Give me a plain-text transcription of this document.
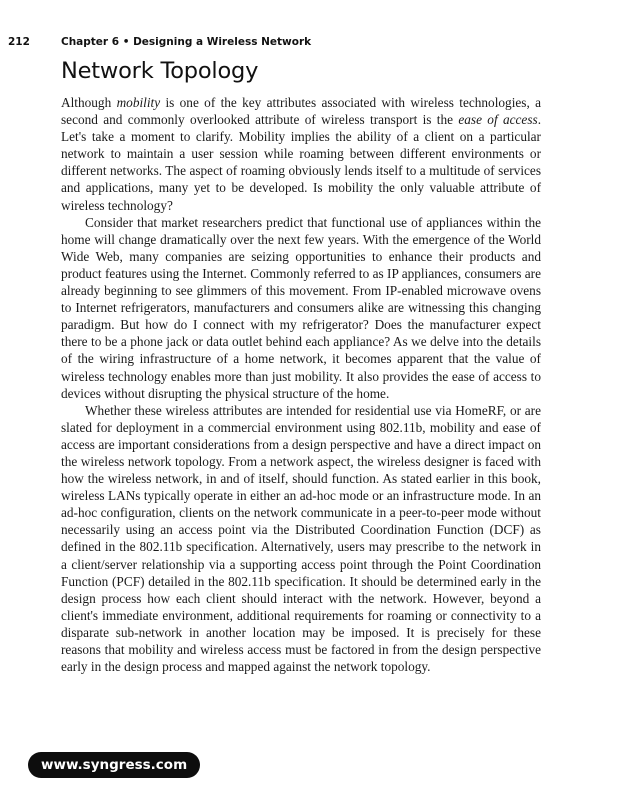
212	Chapter 6 • Designing a Wireless Network
Network Topology

Although mobility is one of the key attributes associated with wireless technologies, a second and commonly overlooked attribute of wireless transport is the ease of access. Let's take a moment to clarify. Mobility implies the ability of a client on a particular network to maintain a user session while roaming between different environments or different networks. The aspect of roaming obviously lends itself to a multitude of services and applications, many yet to be developed. Is mobility the only valuable attribute of wireless technology?

Consider that market researchers predict that functional use of appliances within the home will change dramatically over the next few years. With the emergence of the World Wide Web, many companies are seizing opportunities to enhance their products and product features using the Internet. Commonly referred to as IP appliances, consumers are already beginning to see glimmers of this movement. From IP-enabled microwave ovens to Internet refrigerators, manufacturers and consumers alike are witnessing this changing paradigm. But how do I connect with my refrigerator? Does the manufacturer expect there to be a phone jack or data outlet behind each appliance? As we delve into the details of the wiring infrastructure of a home network, it becomes apparent that the value of wireless technology enables more than just mobility. It also provides the ease of access to devices without disrupting the physical structure of the home.

Whether these wireless attributes are intended for residential use via HomeRF, or are slated for deployment in a commercial environment using 802.11b, mobility and ease of access are important considerations from a design perspective and have a direct impact on the wireless network topology. From a network aspect, the wireless designer is faced with how the wireless network, in and of itself, should function. As stated earlier in this book, wireless LANs typically operate in either an ad-hoc mode or an infrastructure mode. In an ad-hoc configuration, clients on the network communicate in a peer-to-peer mode without necessarily using an access point via the Distributed Coordination Function (DCF) as defined in the 802.11b specification. Alternatively, users may prescribe to the network in a client/server relationship via a supporting access point through the Point Coordination Function (PCF) detailed in the 802.11b specification. It should be determined early in the design process how each client should interact with the network. However, beyond a client's immediate environment, additional requirements for roaming or connectivity to a disparate sub-network in another location may be imposed. It is precisely for these reasons that mobility and wireless access must be factored in from the design perspective early in the design process and mapped against the network topology.

www.syngress.com
